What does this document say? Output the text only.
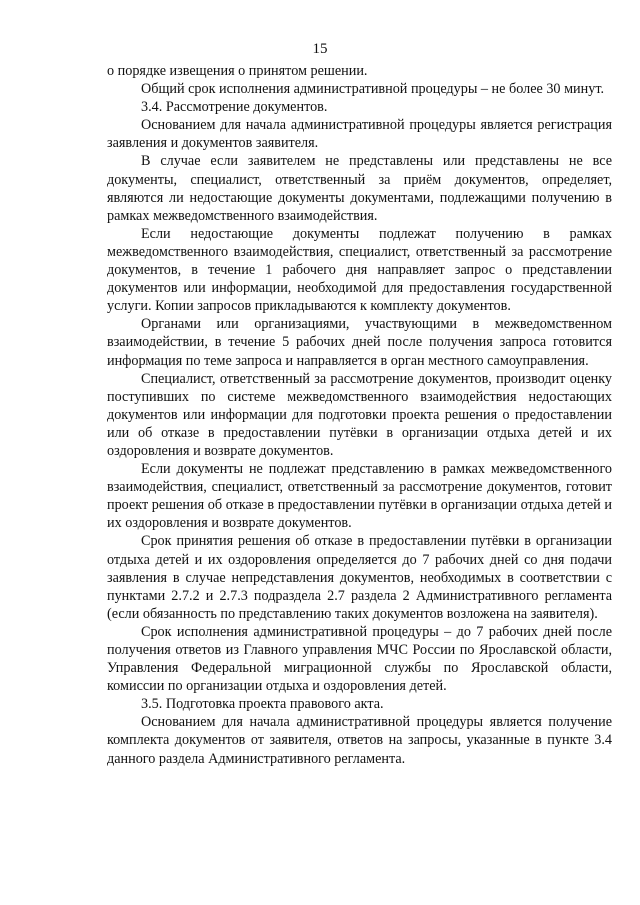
15

о порядке извещения о принятом решении.

Общий срок исполнения административной процедуры – не более 30 минут.

3.4. Рассмотрение документов.

Основанием для начала административной процедуры является регистрация заявления и документов заявителя.

В случае если заявителем не представлены или представлены не все документы, специалист, ответственный за приём документов, определяет, являются ли недостающие документы документами, подлежащими получению в рамках межведомственного взаимодействия.

Если недостающие документы подлежат получению в рамках межведомственного взаимодействия, специалист, ответственный за рассмотрение документов, в течение 1 рабочего дня направляет запрос о представлении документов или информации, необходимой для предоставления государственной услуги. Копии запросов прикладываются к комплекту документов.

Органами или организациями, участвующими в межведомственном взаимодействии, в течение 5 рабочих дней после получения запроса готовится информация по теме запроса и направляется в орган местного самоуправления.

Специалист, ответственный за рассмотрение документов, производит оценку поступивших по системе межведомственного взаимодействия недостающих документов или информации для подготовки проекта решения о предоставлении или об отказе в предоставлении путёвки в организации отдыха детей и их оздоровления и возврате документов.

Если документы не подлежат представлению в рамках межведомственного взаимодействия, специалист, ответственный за рассмотрение документов, готовит проект решения об отказе в предоставлении путёвки в организации отдыха детей и их оздоровления и возврате документов.

Срок принятия решения об отказе в предоставлении путёвки в организации отдыха детей и их оздоровления определяется до 7 рабочих дней со дня подачи заявления в случае непредставления документов, необходимых в соответствии с пунктами 2.7.2 и 2.7.3 подраздела 2.7 раздела 2 Административного регламента (если обязанность по представлению таких документов возложена на заявителя).

Срок исполнения административной процедуры – до 7 рабочих дней после получения ответов из Главного управления МЧС России по Ярославской области, Управления Федеральной миграционной службы по Ярославской области, комиссии по организации отдыха и оздоровления детей.

3.5. Подготовка проекта правового акта.

Основанием для начала административной процедуры является получение комплекта документов от заявителя, ответов на запросы, указанные в пункте 3.4 данного раздела Административного регламента.
